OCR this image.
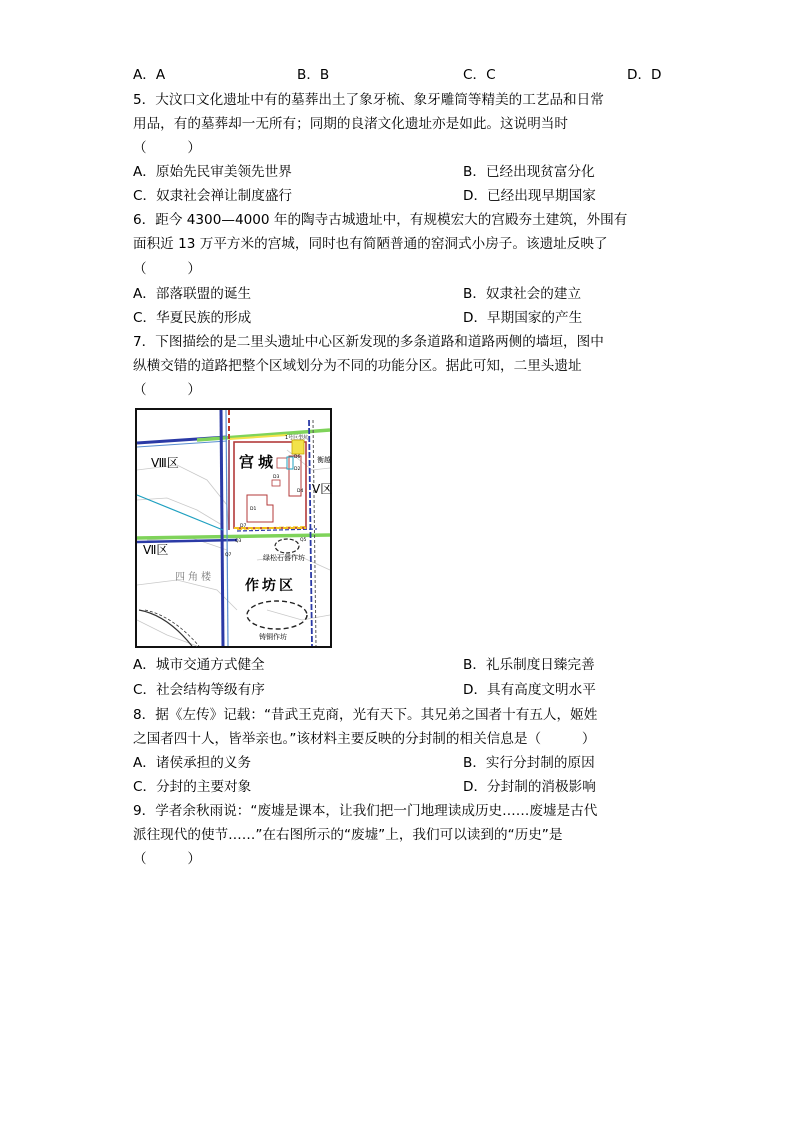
A．A	B．B	C．C	D．D
5．大汶口文化遗址中有的墓葬出土了象牙梳、象牙雕筒等精美的工艺品和日常
用品，有的墓葬却一无所有；同期的良渚文化遗址亦是如此。这说明当时
（　　　）
A．原始先民审美领先世界	B．已经出现贫富分化
C．奴隶社会禅让制度盛行	D．已经出现早期国家
6．距今 4300—4000 年的陶寺古城遗址中，有规模宏大的宫殿夯土建筑，外围有
面积近 13 万平方米的宫城，同时也有简陋普通的窑洞式小房子。该遗址反映了
（　　　）
A．部落联盟的诞生	B．奴隶社会的建立
C．华夏民族的形成	D．早期国家的产生
7．下图描绘的是二里头遗址中心区新发现的多条道路和道路两侧的墙垣，图中
纵横交错的道路把整个区域划分为不同的功能分区。据此可知，二里头遗址
（　　　）
Ⅷ区
Ⅶ区
Ⅴ区
宫城
作坊区
四角楼
绿松石器作坊
铸铜作坊
1号巨型坑
衡越
D6
D2
D3
D4
D1
D7
Q3	Q5
Q7
A．城市交通方式健全	B．礼乐制度日臻完善
C．社会结构等级有序	D．具有高度文明水平
8．据《左传》记载：“昔武王克商，光有天下。其兄弟之国者十有五人，姬姓
之国者四十人，皆举亲也。”该材料主要反映的分封制的相关信息是（　　　）
A．诸侯承担的义务	B．实行分封制的原因
C．分封的主要对象	D．分封制的消极影响
9．学者余秋雨说：“废墟是课本，让我们把一门地理读成历史……废墟是古代
派往现代的使节……”在右图所示的“废墟”上，我们可以读到的“历史”是
（　　　）
